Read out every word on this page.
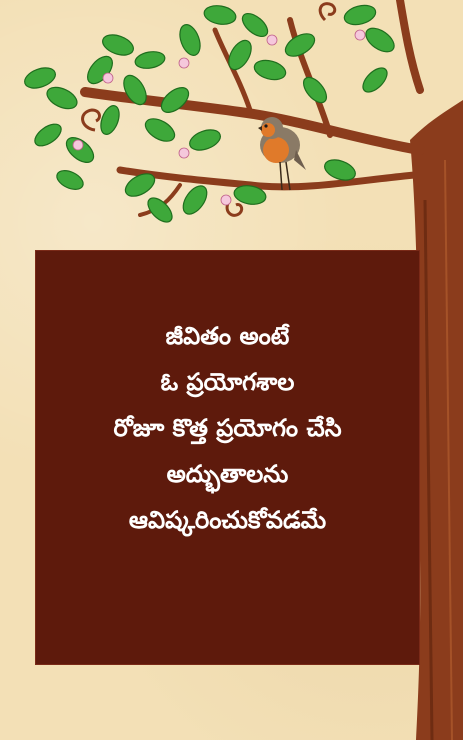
జీవితం అంటే
ఓ ప్రయోగశాల
రోజూ కొత్త ప్రయోగం చేసి
అద్భుతాలను
ఆవిష్కరించుకోవడమే
